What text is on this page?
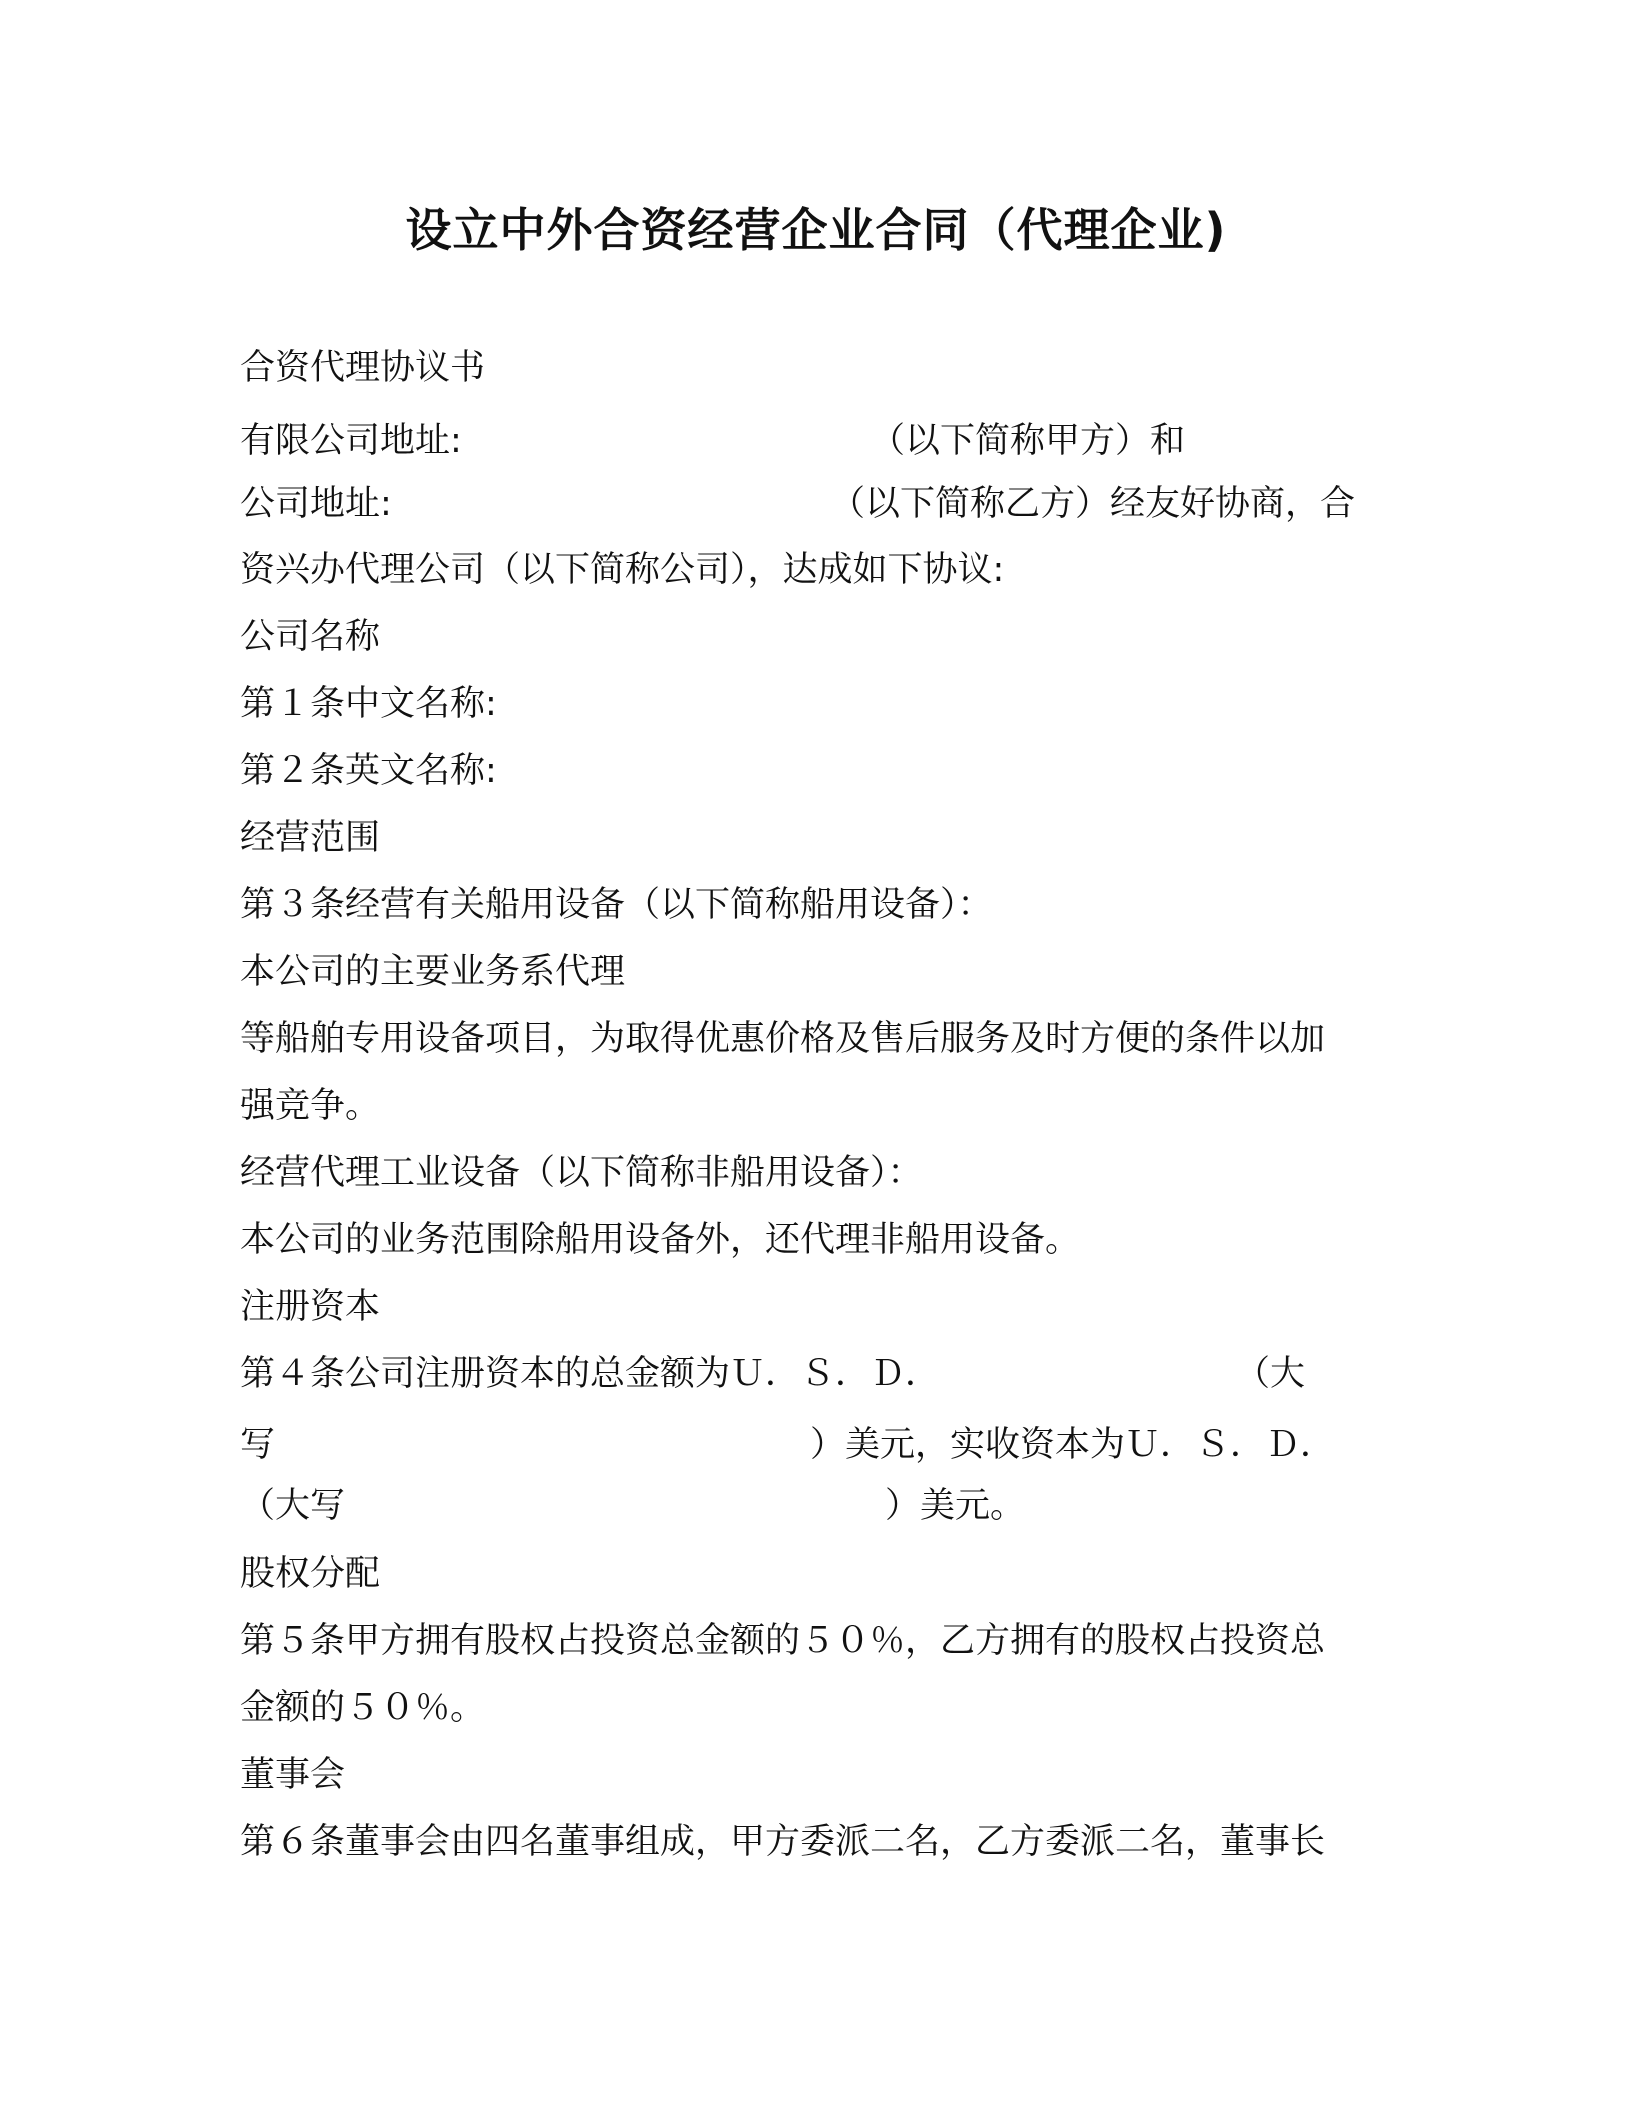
设立中外合资经营企业合同（代理企业)
合资代理协议书
有限公司地址:	（以下简称甲方）和
公司地址:	（以下简称乙方）经友好协商，合
资兴办代理公司（以下简称公司），达成如下协议:
公司名称
第１条中文名称:
第２条英文名称:
经营范围
第３条经营有关船用设备（以下简称船用设备）：
本公司的主要业务系代理
等船舶专用设备项目，为取得优惠价格及售后服务及时方便的条件以加
强竞争。
经营代理工业设备（以下简称非船用设备）：
本公司的业务范围除船用设备外，还代理非船用设备。
注册资本
第４条公司注册资本的总金额为Ｕ．Ｓ．Ｄ．	（大
写	）美元，实收资本为Ｕ．Ｓ．Ｄ．
（大写	）美元。
股权分配
第５条甲方拥有股权占投资总金额的５０％，乙方拥有的股权占投资总
金额的５０％。
董事会
第６条董事会由四名董事组成，甲方委派二名，乙方委派二名，董事长
